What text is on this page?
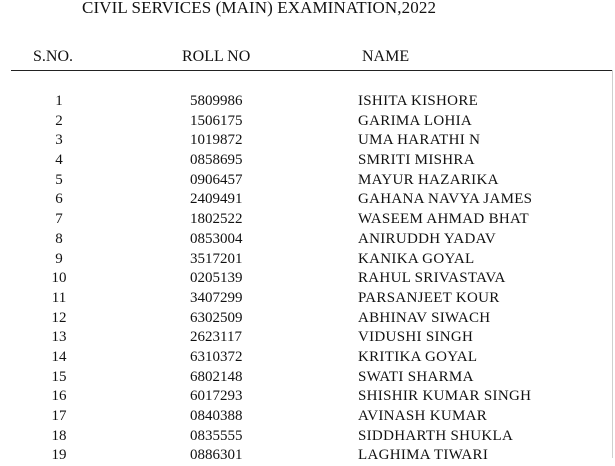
CIVIL SERVICES (MAIN) EXAMINATION,2022
S.NO.	ROLL NO	NAME
1	5809986	ISHITA KISHORE
2	1506175	GARIMA LOHIA
3	1019872	UMA HARATHI N
4	0858695	SMRITI MISHRA
5	0906457	MAYUR HAZARIKA
6	2409491	GAHANA NAVYA JAMES
7	1802522	WASEEM AHMAD BHAT
8	0853004	ANIRUDDH YADAV
9	3517201	KANIKA GOYAL
10	0205139	RAHUL SRIVASTAVA
11	3407299	PARSANJEET KOUR
12	6302509	ABHINAV SIWACH
13	2623117	VIDUSHI SINGH
14	6310372	KRITIKA GOYAL
15	6802148	SWATI SHARMA
16	6017293	SHISHIR KUMAR SINGH
17	0840388	AVINASH KUMAR
18	0835555	SIDDHARTH SHUKLA
19	0886301	LAGHIMA TIWARI
